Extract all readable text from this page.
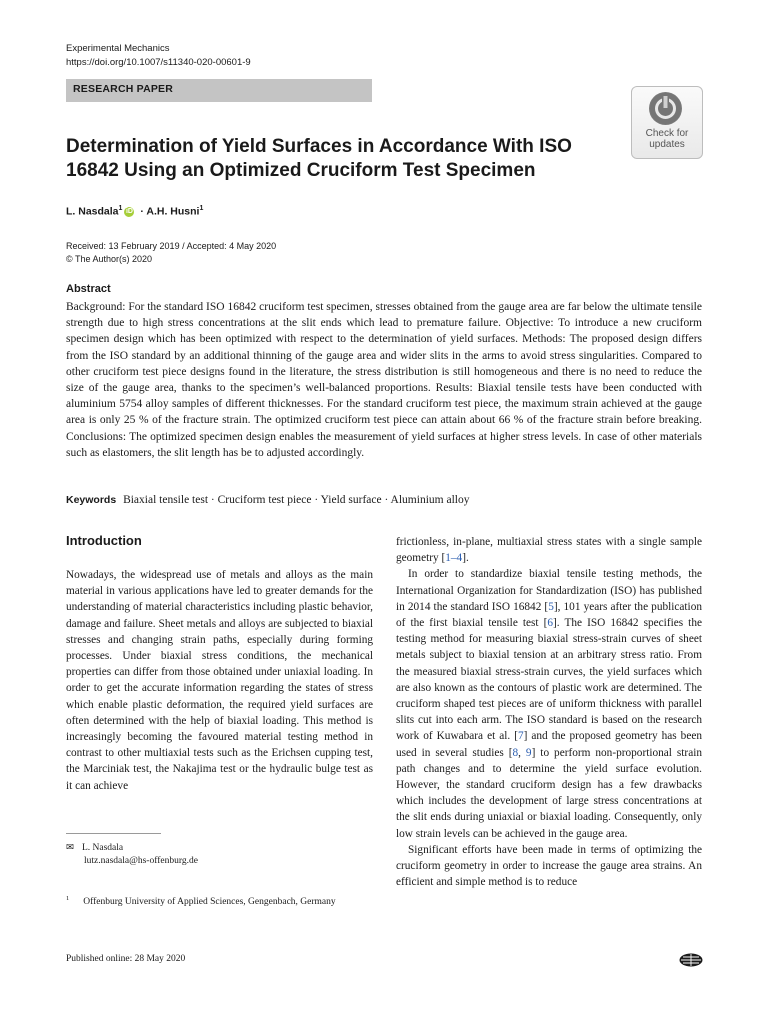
Experimental Mechanics
https://doi.org/10.1007/s11340-020-00601-9
RESEARCH PAPER
Check for
updates
Determination of Yield Surfaces in Accordance With ISO 16842 Using an Optimized Cruciform Test Specimen
L. Nasdala$^1$ iD · A.H. Husni$^1$
Received: 13 February 2019 / Accepted: 4 May 2020
© The Author(s) 2020
Abstract
Background: For the standard ISO 16842 cruciform test specimen, stresses obtained from the gauge area are far below the ultimate tensile strength due to high stress concentrations at the slit ends which lead to premature failure. Objective: To introduce a new cruciform specimen design which has been optimized with respect to the determination of yield surfaces. Methods: The proposed design differs from the ISO standard by an additional thinning of the gauge area and wider slits in the arms to avoid stress singularities. Compared to other cruciform test piece designs found in the literature, the stress distribution is still homogeneous and there is no need to reduce the size of the gauge area, thanks to the specimen’s well-balanced proportions. Results: Biaxial tensile tests have been conducted with aluminium 5754 alloy samples of different thicknesses. For the standard cruciform test piece, the maximum strain achieved at the gauge area is only 25 % of the fracture strain. The optimized cruciform test piece can attain about 66 % of the fracture strain before breaking. Conclusions: The optimized specimen design enables the measurement of yield surfaces at higher stress levels. In case of other materials such as elastomers, the slit length has be to adjusted accordingly.
Keywords Biaxial tensile test · Cruciform test piece · Yield surface · Aluminium alloy
Introduction
Nowadays, the widespread use of metals and alloys as the main material in various applications have led to greater demands for the understanding of material characteristics including plastic behavior, damage and failure. Sheet metals and alloys are subjected to biaxial stresses and changing strain paths, especially during forming processes. Under biaxial stress conditions, the mechanical properties can differ from those obtained under uniaxial loading. In order to get the accurate information regarding the states of stress which enable plastic deformation, the required yield surfaces are often determined with the help of biaxial loading. This method is increasingly becoming the favoured material testing method in contrast to other multiaxial tests such as the Erichsen cupping test, the Marciniak test, the Nakajima test or the hydraulic bulge test as it can achieve
✉ L. Nasdala
lutz.nasdala@hs-offenburg.de
$^1$ Offenburg University of Applied Sciences, Gengenbach, Germany

frictionless, in-plane, multiaxial stress states with a single sample geometry [1–4].

In order to standardize biaxial tensile testing methods, the International Organization for Standardization (ISO) has published in 2014 the standard ISO 16842 [5], 101 years after the publication of the first biaxial tensile test [6]. The ISO 16842 specifies the testing method for measuring biaxial stress-strain curves of sheet metals subject to biaxial tension at an arbitrary stress ratio. From the measured biaxial stress-strain curves, the yield surfaces which are also known as the contours of plastic work are determined. The cruciform shaped test pieces are of uniform thickness with parallel slits cut into each arm. The ISO standard is based on the research work of Kuwabara et al. [7] and the proposed geometry has been used in several studies [8, 9] to perform non-proportional strain path changes and to determine the yield surface evolution. However, the standard cruciform design has a few drawbacks which includes the development of large stress concentrations at the slit ends during uniaxial or biaxial loading. Consequently, only low strain levels can be achieved in the gauge area.

Significant efforts have been made in terms of optimizing the cruciform geometry in order to increase the gauge area strains. An efficient and simple method is to reduce

Published online: 28 May 2020
